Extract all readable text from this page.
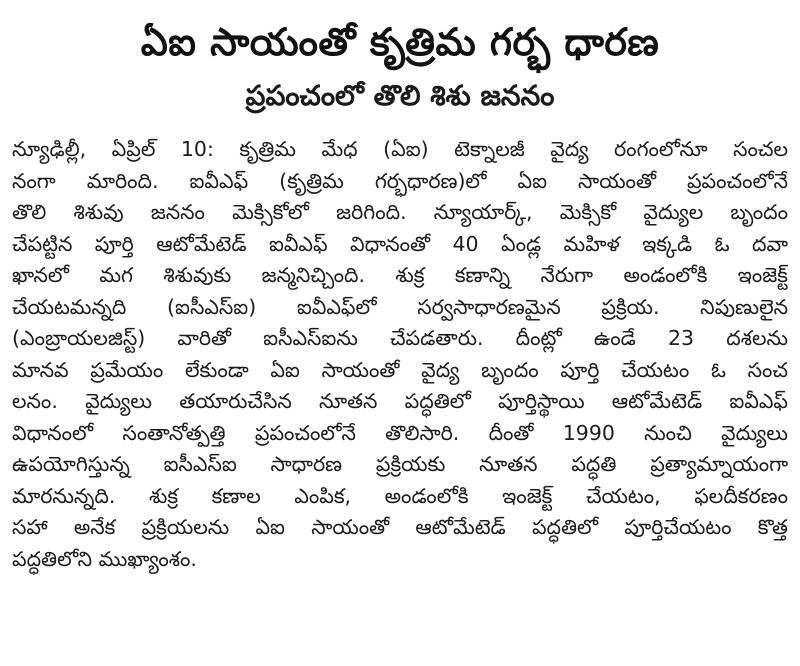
ఏఐ సాయంతో కృత్రిమ గర్భ ధారణ
ప్రపంచంలో తొలి శిశు జననం
న్యూఢిల్లీ, ఏప్రిల్ 10: కృత్రిమ మేధ (ఏఐ) టెక్నాలజీ వైద్య రంగంలోనూ సంచల
నంగా మారింది. ఐవీఎఫ్ (కృత్రిమ గర్భధారణ)లో ఏఐ సాయంతో ప్రపంచంలోనే
తొలి శిశువు జననం మెక్సికోలో జరిగింది. న్యూయార్క్, మెక్సికో వైద్యుల బృందం
చేపట్టిన పూర్తి ఆటోమేటెడ్ ఐవీఎఫ్ విధానంతో 40 ఏండ్ల మహిళ ఇక్కడి ఓ దవా
ఖానలో మగ శిశువుకు జన్మనిచ్చింది. శుక్ర కణాన్ని నేరుగా అండంలోకి ఇంజెక్ట్
చేయటమన్నది (ఐసీఎస్ఐ) ఐవీఎఫ్‌లో సర్వసాధారణమైన ప్రక్రియ. నిపుణులైన
(ఎంబ్రాయలజిస్ట్) వారితో ఐసీఎస్ఐను చేపడతారు. దీంట్లో ఉండే 23 దశలను
మానవ ప్రమేయం లేకుండా ఏఐ సాయంతో వైద్య బృందం పూర్తి చేయటం ఓ సంచ
లనం. వైద్యులు తయారుచేసిన నూతన పద్ధతిలో పూర్తిస్థాయి ఆటోమేటెడ్ ఐవీఎఫ్
విధానంలో సంతానోత్పత్తి ప్రపంచంలోనే తొలిసారి. దీంతో 1990 నుంచి వైద్యులు
ఉపయోగిస్తున్న ఐసీఎస్ఐ సాధారణ ప్రక్రియకు నూతన పద్ధతి ప్రత్యామ్నాయంగా
మారనున్నది. శుక్ర కణాల ఎంపిక, అండంలోకి ఇంజెక్ట్ చేయటం, ఫలదీకరణం
సహా అనేక ప్రక్రియలను ఏఐ సాయంతో ఆటోమేటెడ్ పద్ధతిలో పూర్తిచేయటం కొత్త
పద్ధతిలోని ముఖ్యాంశం.
